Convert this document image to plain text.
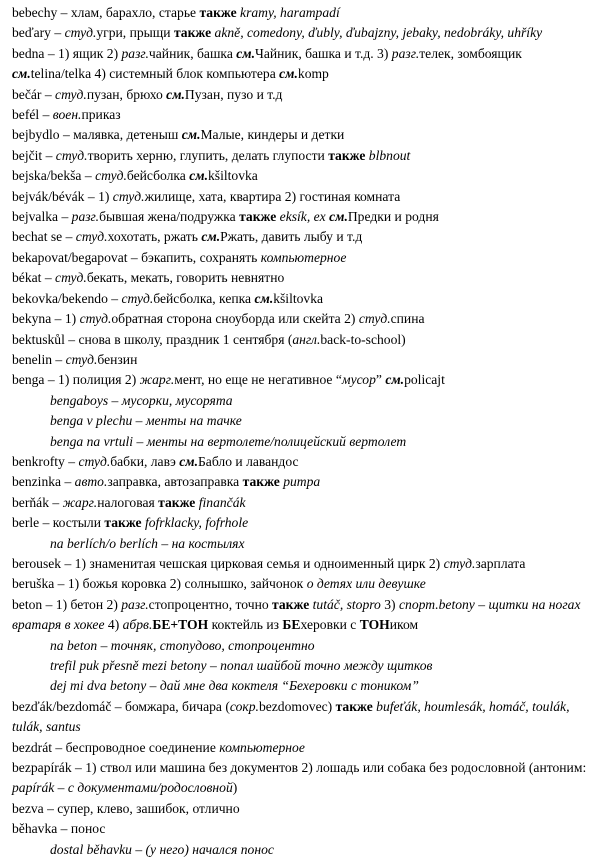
bebechy – хлам, барахло, старье также kramy, harampadí
beďary – студ.угри, прыщи также akně, comedony, ďubly, ďubajzny, jebaky, nedobráky, uhříky
bedna – 1) ящик 2) разг.чайник, башка см.Чайник, башка и т.д. 3) разг.телек, зомбоящик см.telina/telka 4) системный блок компьютера см.komp
bečár – студ.пузан, брюхо см.Пузан, пузо и т.д
befél – воен.приказ
bejbydlo – малявка, детеныш см.Малые, киндеры и детки
bejčit – студ.творить херню, глупить, делать глупости также blbnout
bejska/bekša – студ.бейсболка см.kšiltovka
bejvák/bévák – 1) студ.жилище, хата, квартира 2) гостиная комната
bejvalka – разг.бывшая жена/подружка также eksík, ex см.Предки и родня
bechat se – студ.хохотать, ржать см.Ржать, давить лыбу и т.д
bekapovat/begapovat – бэкапить, сохранять компьютерное
békat – студ.бекать, мекать, говорить невнятно
bekovka/bekendo – студ.бейсболка, кепка см.kšiltovka
bekyna – 1) студ.обратная сторона сноуборда или скейта 2) студ.спина
bektuskůl – снова в школу, праздник 1 сентября (англ.back-to-school)
benelin – студ.бензин
benga – 1) полиция 2) жарг.мент, но еще не негативное “мусор” см.policajt
bengaboys – мусорки, мусорята
benga v plechu – менты на тачке
benga na vrtuli – менты на вертолете/полицейский вертолет
benkrofty – студ.бабки, лавэ см.Бабло и лавандос
benzinka – авто.заправка, автозаправка также pumpa
berňák – жарг.налоговая также finančák
berle – костыли также fofrklacky, fofrhole
na berlích/o berlích – на костылях
berousek – 1) знаменитая чешская цирковая семья и одноименный цирк 2) студ.зарплата
beruška – 1) божья коровка 2) солнышко, зайчонок о детях или девушке
beton – 1) бетон 2) разг.стопроцентно, точно также tutáč, stopro 3) спорт.betony – щитки на ногах вратаря в хокее 4) абрв.БЕ+ТОН коктейль из БЕхеровки с ТОНиком
na beton – точняк, стопудово, стопроцентно
trefil puk přesně mezi betony – попал шайбой точно между щитков
dej mi dva betony – дай мне два коктеля “Бехеровки с тоником”
bezďák/bezdomáč – бомжара, бичара (сокр.bezdomovec) также bufeťák, houmlesák, homáč, toulák, tulák, santus
bezdrát – беспроводное соединение компьютерное
bezpapírák – 1) ствол или машина без документов 2) лошадь или собака без родословной (антоним: papírák – с документами/родословной)
bezva – супер, клево, зашибок, отлично
běhavka – понос
dostal běhavku – (у него) начался понос
